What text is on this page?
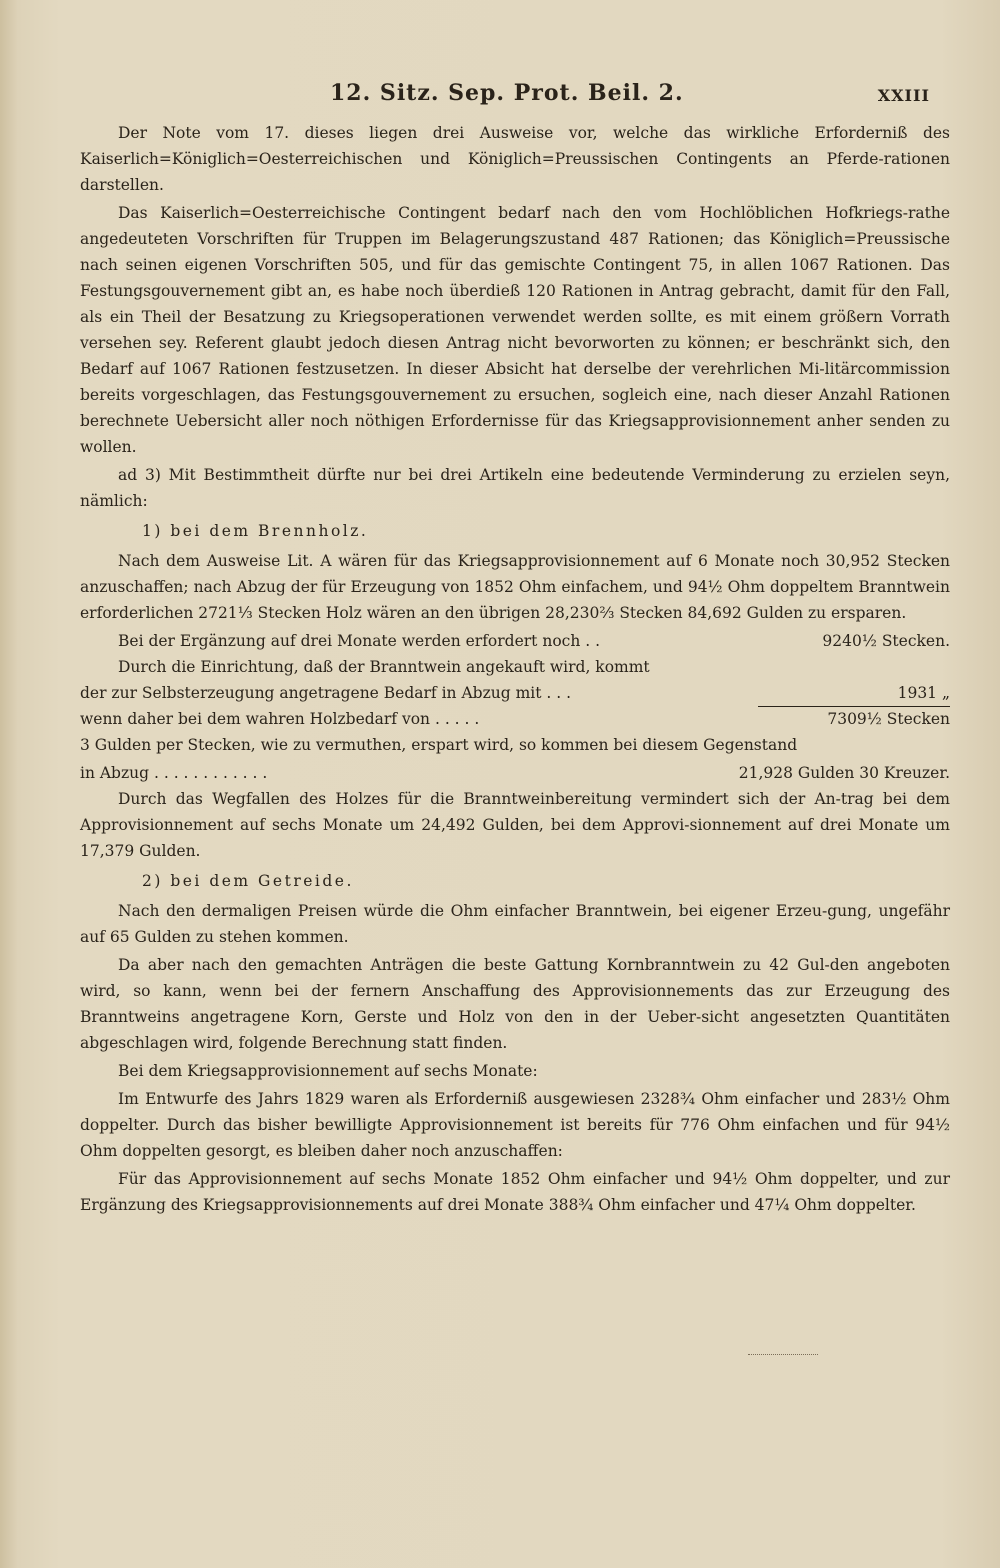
12. Sitz. Sep. Prot. Beil. 2.	XXIII

Der Note vom 17. dieses liegen drei Ausweise vor, welche das wirkliche Erforderniß des Kaiserlich=Königlich=Oesterreichischen und Königlich=Preussischen Contingents an Pferde-rationen darstellen.

Das Kaiserlich=Oesterreichische Contingent bedarf nach den vom Hochlöblichen Hofkriegs-rathe angedeuteten Vorschriften für Truppen im Belagerungszustand 487 Rationen; das Königlich=Preussische nach seinen eigenen Vorschriften 505, und für das gemischte Contingent 75, in allen 1067 Rationen. Das Festungsgouvernement gibt an, es habe noch überdieß 120 Rationen in Antrag gebracht, damit für den Fall, als ein Theil der Besatzung zu Kriegsoperationen verwendet werden sollte, es mit einem größern Vorrath versehen sey. Referent glaubt jedoch diesen Antrag nicht bevorworten zu können; er beschränkt sich, den Bedarf auf 1067 Rationen festzusetzen. In dieser Absicht hat derselbe der verehrlichen Mi-litärcommission bereits vorgeschlagen, das Festungsgouvernement zu ersuchen, sogleich eine, nach dieser Anzahl Rationen berechnete Uebersicht aller noch nöthigen Erfordernisse für das Kriegsapprovisionnement anher senden zu wollen.

ad 3) Mit Bestimmtheit dürfte nur bei drei Artikeln eine bedeutende Verminderung zu erzielen seyn, nämlich:

1) bei dem Brennholz.

Nach dem Ausweise Lit. A wären für das Kriegsapprovisionnement auf 6 Monate noch 30,952 Stecken anzuschaffen; nach Abzug der für Erzeugung von 1852 Ohm einfachem, und 94½ Ohm doppeltem Branntwein erforderlichen 2721⅓ Stecken Holz wären an den übrigen 28,230⅔ Stecken 84,692 Gulden zu ersparen.

Bei der Ergänzung auf drei Monate werden erfordert noch . .	9240½ Stecken.
Durch die Einrichtung, daß der Branntwein angekauft wird, kommt
der zur Selbsterzeugung angetragene Bedarf in Abzug mit . . .	1931 „
wenn daher bei dem wahren Holzbedarf von . . . . .	7309½ Stecken

3 Gulden per Stecken, wie zu vermuthen, erspart wird, so kommen bei diesem Gegenstand

in Abzug . . . . . . . . . . . .	21,928 Gulden 30 Kreuzer.

Durch das Wegfallen des Holzes für die Branntweinbereitung vermindert sich der An-trag bei dem Approvisionnement auf sechs Monate um 24,492 Gulden, bei dem Approvi-sionnement auf drei Monate um 17,379 Gulden.

2) bei dem Getreide.

Nach den dermaligen Preisen würde die Ohm einfacher Branntwein, bei eigener Erzeu-gung, ungefähr auf 65 Gulden zu stehen kommen.

Da aber nach den gemachten Anträgen die beste Gattung Kornbranntwein zu 42 Gul-den angeboten wird, so kann, wenn bei der fernern Anschaffung des Approvisionnements das zur Erzeugung des Branntweins angetragene Korn, Gerste und Holz von den in der Ueber-sicht angesetzten Quantitäten abgeschlagen wird, folgende Berechnung statt finden.

Bei dem Kriegsapprovisionnement auf sechs Monate:

Im Entwurfe des Jahrs 1829 waren als Erforderniß ausgewiesen 2328¾ Ohm einfacher und 283½ Ohm doppelter. Durch das bisher bewilligte Approvisionnement ist bereits für 776 Ohm einfachen und für 94½ Ohm doppelten gesorgt, es bleiben daher noch anzuschaffen:

Für das Approvisionnement auf sechs Monate 1852 Ohm einfacher und 94½ Ohm doppelter, und zur Ergänzung des Kriegsapprovisionnements auf drei Monate 388¾ Ohm einfacher und 47¼ Ohm doppelter.
